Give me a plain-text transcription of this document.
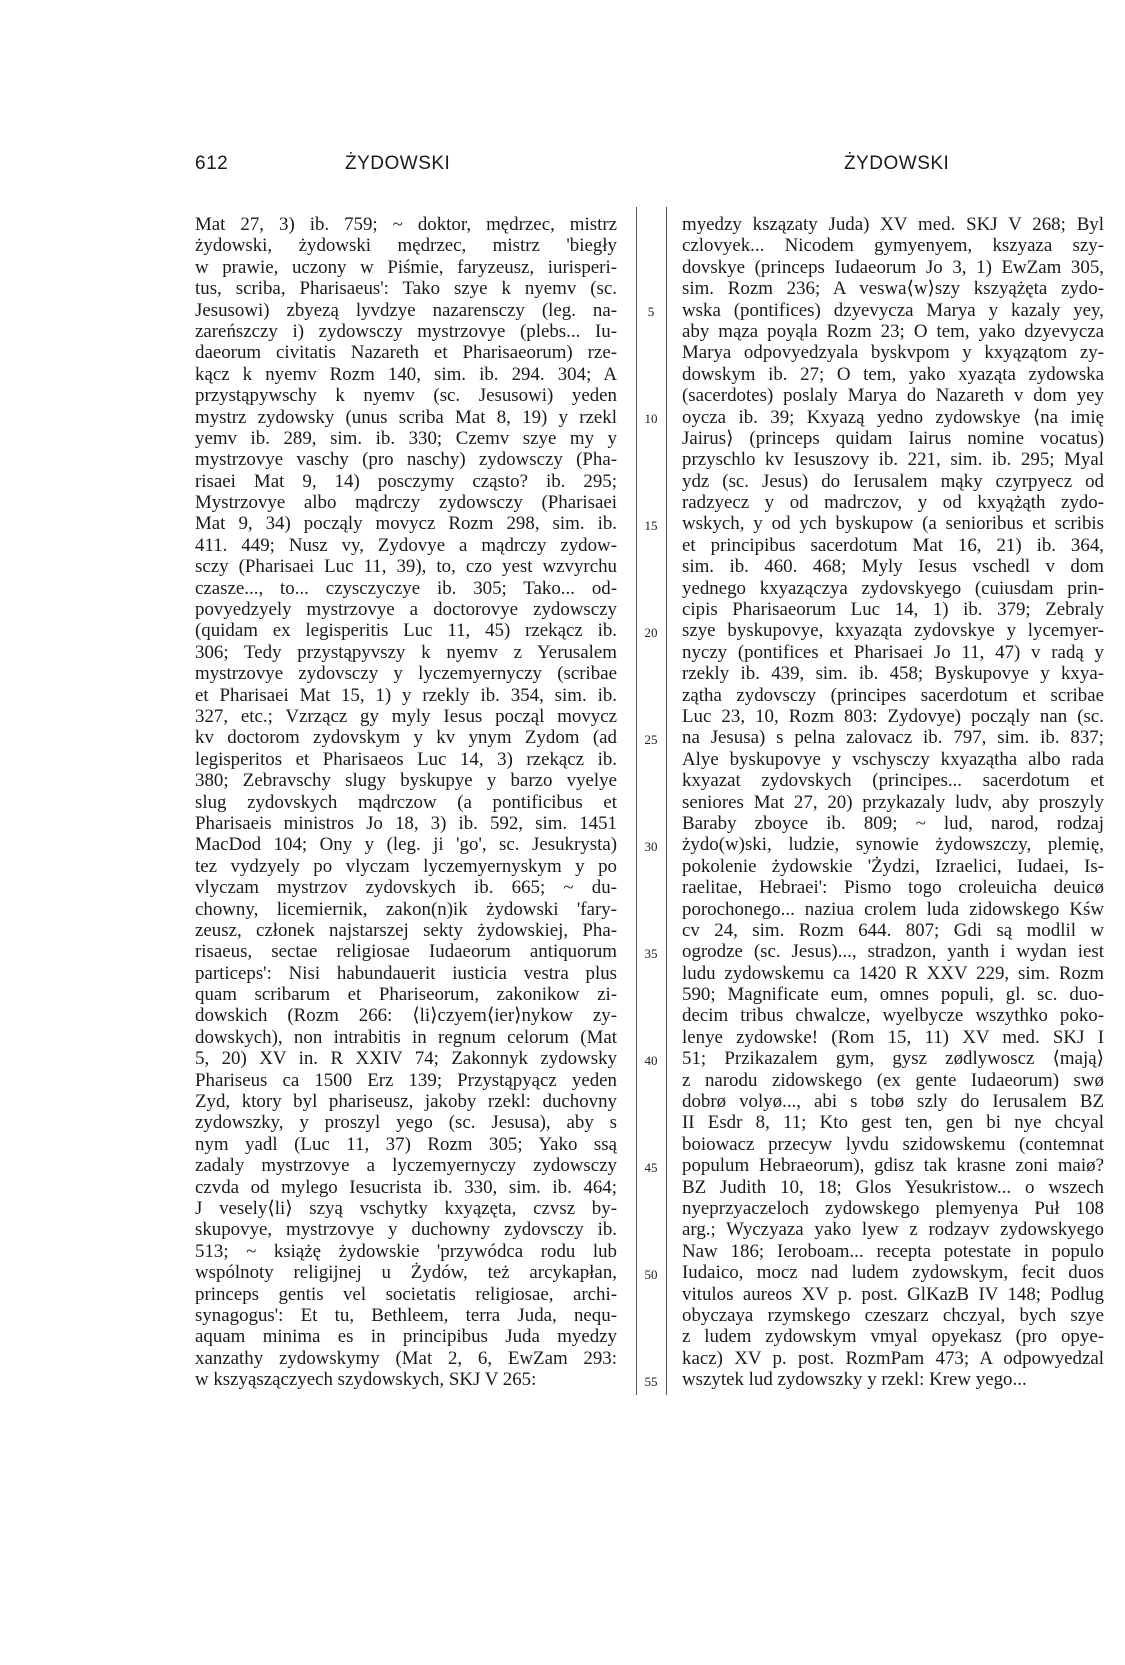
612	ŻYDOWSKI	ŻYDOWSKI
Mat 27, 3) ib. 759; ~ doktor, mędrzec, mistrz
żydowski, żydowski mędrzec, mistrz 'biegły
w prawie, uczony w Piśmie, faryzeusz, iurisperi-
tus, scriba, Pharisaeus': Tako szye k nyemv (sc.
Jesusowi) zbyezą lyvdzye nazarensczy (leg. na-
zareńszczy i) zydowsczy mystrzovye (plebs... Iu-
daeorum civitatis Nazareth et Pharisaeorum) rze-
kącz k nyemv Rozm 140, sim. ib. 294. 304; A
przystąpywschy k nyemv (sc. Jesusowi) yeden
mystrz zydowsky (unus scriba Mat 8, 19) y rzekl
yemv ib. 289, sim. ib. 330; Czemv szye my y
mystrzovye vaschy (pro naschy) zydowsczy (Pha-
risaei Mat 9, 14) posczymy cząsto? ib. 295;
Mystrzovye albo mądrczy zydowsczy (Pharisaei
Mat 9, 34) począly movycz Rozm 298, sim. ib.
411. 449; Nusz vy, Zydovye a mądrczy zydow-
sczy (Pharisaei Luc 11, 39), to, czo yest wzvyrchu
czasze..., to... czysczyczye ib. 305; Tako... od-
povyedzyely mystrzovye a doctorovye zydowsczy
(quidam ex legisperitis Luc 11, 45) rzekącz ib.
306; Tedy przystąpyvszy k nyemv z Yerusalem
mystrzovye zydovsczy y lyczemyernyczy (scribae
et Pharisaei Mat 15, 1) y rzekly ib. 354, sim. ib.
327, etc.; Vzrzącz gy myly Iesus począl movycz
kv doctorom zydovskym y kv ynym Zydom (ad
legisperitos et Pharisaeos Luc 14, 3) rzekącz ib.
380; Zebravschy slugy byskupye y barzo vyelye
slug zydovskych mądrczow (a pontificibus et
Pharisaeis ministros Jo 18, 3) ib. 592, sim. 1451
MacDod 104; Ony y (leg. ji 'go', sc. Jesukrysta)
tez vydzyely po vlyczam lyczemyernyskym y po
vlyczam mystrzov zydovskych ib. 665; ~ du-
chowny, licemiernik, zakon(n)ik żydowski 'fary-
zeusz, członek najstarszej sekty żydowskiej, Pha-
risaeus, sectae religiosae Iudaeorum antiquorum
particeps': Nisi habundauerit iusticia vestra plus
quam scribarum et Phariseorum, zakonikow zi-
dowskich (Rozm 266: ⟨li⟩czyem⟨ier⟩nykow zy-
dowskych), non intrabitis in regnum celorum (Mat
5, 20) XV in. R XXIV 74; Zakonnyk zydowsky
Phariseus ca 1500 Erz 139; Przystąpyącz yeden
Zyd, ktory byl phariseusz, jakoby rzekl: duchovny
zydowszky, y proszyl yego (sc. Jesusa), aby s
nym yadl (Luc 11, 37) Rozm 305; Yako ssą
zadaly mystrzovye a lyczemyernyczy zydowsczy
czvda od mylego Iesucrista ib. 330, sim. ib. 464;
J vesely⟨li⟩ szyą vschytky kxyązęta, czvsz by-
skupovye, mystrzovye y duchowny zydovsczy ib.
513; ~ książę żydowskie 'przywódca rodu lub
wspólnoty religijnej u Żydów, też arcykapłan,
princeps gentis vel societatis religiosae, archi-
synagogus': Et tu, Bethleem, terra Juda, nequ-
aquam minima es in principibus Juda myedzy
xanzathy zydowskymy (Mat 2, 6, EwZam 293:
w kszyąszączyech szydowskych, SKJ V 265:
5
10
15
20
25
30
35
40
45
50
55
myedzy kszązaty Juda) XV med. SKJ V 268; Byl
czlovyek... Nicodem gymyenyem, kszyaza szy-
dovskye (princeps Iudaeorum Jo 3, 1) EwZam 305,
sim. Rozm 236; A veswa⟨w⟩szy kszyążęta zydo-
wska (pontifices) dzyevycza Marya y kazaly yey,
aby mąza poyąla Rozm 23; O tem, yako dzyevycza
Marya odpovyedzyala byskvpom y kxyązątom zy-
dowskym ib. 27; O tem, yako xyaząta zydowska
(sacerdotes) poslaly Marya do Nazareth v dom yey
oycza ib. 39; Kxyazą yedno zydowskye ⟨na imię
Jairus⟩ (princeps quidam Iairus nomine vocatus)
przyschlo kv Iesuszovy ib. 221, sim. ib. 295; Myal
ydz (sc. Jesus) do Ierusalem mąky czyrpyecz od
radzyecz y od madrczov, y od kxyążąth zydo-
wskych, y od ych byskupow (a senioribus et scribis
et principibus sacerdotum Mat 16, 21) ib. 364,
sim. ib. 460. 468; Myly Iesus vschedl v dom
yednego kxyazączya zydovskyego (cuiusdam prin-
cipis Pharisaeorum Luc 14, 1) ib. 379; Zebraly
szye byskupovye, kxyaząta zydovskye y lycemyer-
nyczy (pontifices et Pharisaei Jo 11, 47) v radą y
rzekly ib. 439, sim. ib. 458; Byskupovye y kxya-
ząthа zydovsczy (principes sacerdotum et scribae
Luc 23, 10, Rozm 803: Zydovye) począly nan (sc.
na Jesusa) s pelna zalovacz ib. 797, sim. ib. 837;
Alye byskupovye y vschysczy kxyazątha albo rada
kxyazat zydovskych (principes... sacerdotum et
seniores Mat 27, 20) przykazaly ludv, aby proszyly
Baraby zboyce ib. 809; ~ lud, narod, rodzaj
żydo(w)ski, ludzie, synowie żydowszczy, plemię,
pokolenie żydowskie 'Żydzi, Izraelici, Iudaei, Is-
raelitae, Hebraei': Pismo togo croleuicha deuicø
porochonego... naziua crolem luda zidowskego Kśw
cv 24, sim. Rozm 644. 807; Gdi są modlil w
ogrodze (sc. Jesus)..., stradzon, yanth i wydan iest
ludu zydowskemu ca 1420 R XXV 229, sim. Rozm
590; Magnificate eum, omnes populi, gl. sc. duo-
decim tribus chwalcze, wyelbycze wszythko poko-
lenye zydowske! (Rom 15, 11) XV med. SKJ I
51; Przikazalem gym, gysz zødlywoscz ⟨mają⟩
z narodu zidowskego (ex gente Iudaeorum) swø
dobrø volyø..., abi s tobø szly do Ierusalem BZ
II Esdr 8, 11; Kto gest ten, gen bi nye chcyal
boiowacz przecyw lyvdu szidowskemu (contemnat
populum Hebraeorum), gdisz tak krasne zoni maiø?
BZ Judith 10, 18; Glos Yesukristow... o wszech
nyeprzyaczeloch zydowskego plemyenya Puł 108
arg.; Wyczyaza yako lyew z rodzayv zydowskyego
Naw 186; Ieroboam... recepta potestate in populo
Iudaico, mocz nad ludem zydowskym, fecit duos
vitulos aureos XV p. post. GlKazB IV 148; Podlug
obyczaya rzymskego czeszarz chczyal, bych szye
z ludem zydowskym vmyal opyekasz (pro opye-
kacz) XV p. post. RozmPam 473; A odpowyedzal
wszytek lud zydowszky y rzekl: Krew yego...
